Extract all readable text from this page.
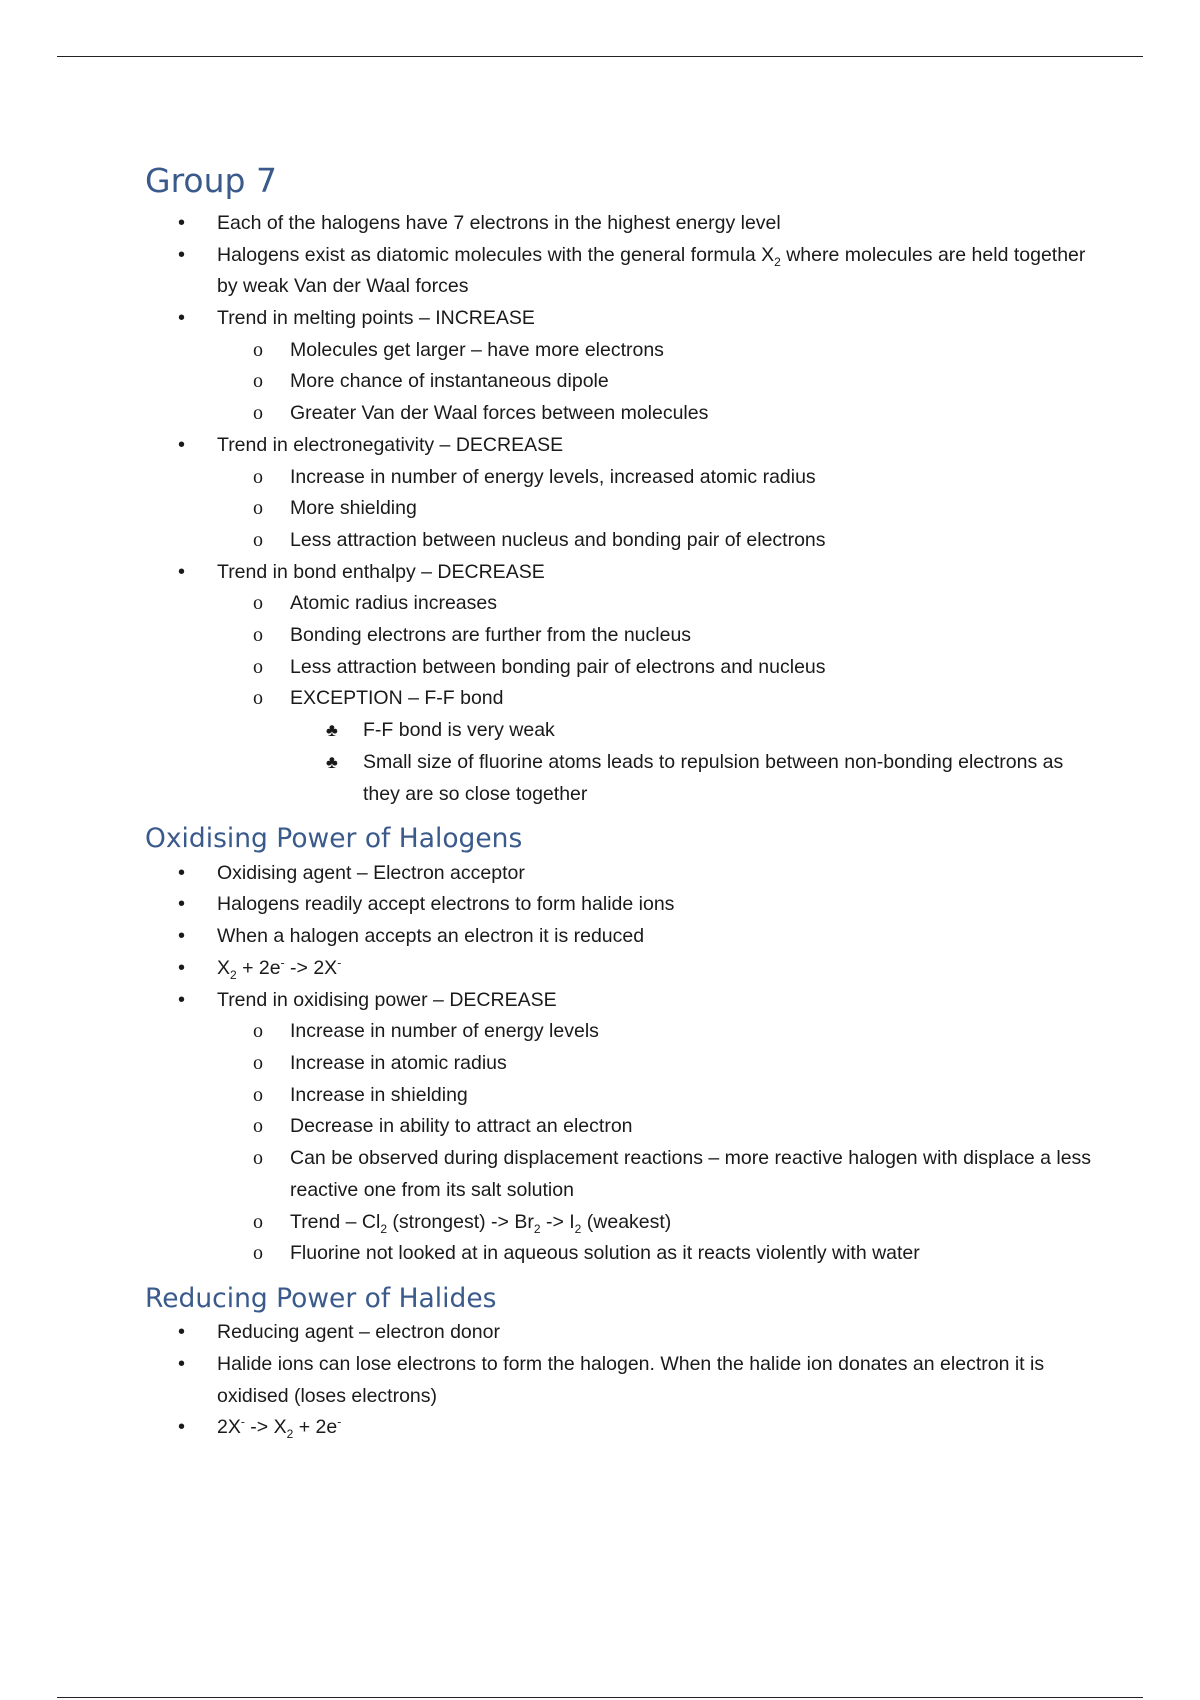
Group 7
• Each of the halogens have 7 electrons in the highest energy level
• Halogens exist as diatomic molecules with the general formula $X_2$ where molecules are held together by weak Van der Waal forces
• Trend in melting points – INCREASE
o Molecules get larger – have more electrons
o More chance of instantaneous dipole
o Greater Van der Waal forces between molecules
• Trend in electronegativity – DECREASE
o Increase in number of energy levels, increased atomic radius
o More shielding
o Less attraction between nucleus and bonding pair of electrons
• Trend in bond enthalpy – DECREASE
o Atomic radius increases
o Bonding electrons are further from the nucleus
o Less attraction between bonding pair of electrons and nucleus
o EXCEPTION – F-F bond
♣ F-F bond is very weak
♣ Small size of fluorine atoms leads to repulsion between non-bonding electrons as they are so close together
Oxidising Power of Halogens
• Oxidising agent – Electron acceptor
• Halogens readily accept electrons to form halide ions
• When a halogen accepts an electron it is reduced
• $X_2 + 2e^- -> 2X^-$
• Trend in oxidising power – DECREASE
o Increase in number of energy levels
o Increase in atomic radius
o Increase in shielding
o Decrease in ability to attract an electron
o Can be observed during displacement reactions – more reactive halogen with displace a less reactive one from its salt solution
o Trend – $Cl_2$ (strongest) -> $Br_2 -> I_2$ (weakest)
o Fluorine not looked at in aqueous solution as it reacts violently with water
Reducing Power of Halides
• Reducing agent – electron donor
• Halide ions can lose electrons to form the halogen. When the halide ion donates an electron it is oxidised (loses electrons)
• $2X^- -> X_2 + 2e^-$
